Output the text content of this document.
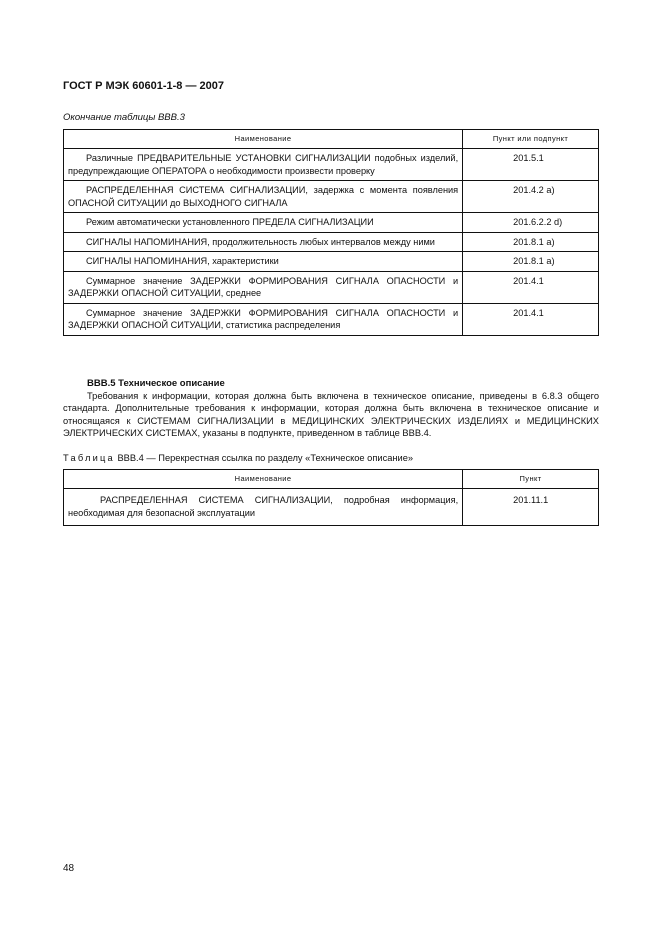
ГОСТ Р МЭК 60601-1-8 — 2007
Окончание таблицы ВВВ.3
Наименование	Пункт или подпункт
Различные ПРЕДВАРИТЕЛЬНЫЕ УСТАНОВКИ СИГНАЛИЗАЦИИ подобных изделий, предупреждающие ОПЕРАТОРА о необходимости произвести проверку	201.5.1
РАСПРЕДЕЛЕННАЯ СИСТЕМА СИГНАЛИЗАЦИИ, задержка с момента появления ОПАСНОЙ СИТУАЦИИ до ВЫХОДНОГО СИГНАЛА	201.4.2 а)
Режим автоматически установленного ПРЕДЕЛА СИГНАЛИЗАЦИИ	201.6.2.2 d)
СИГНАЛЫ НАПОМИНАНИЯ, продолжительность любых интервалов между ними	201.8.1 а)
СИГНАЛЫ НАПОМИНАНИЯ, характеристики	201.8.1 а)
Суммарное значение ЗАДЕРЖКИ ФОРМИРОВАНИЯ СИГНАЛА ОПАСНОСТИ и ЗАДЕРЖКИ ОПАСНОЙ СИТУАЦИИ, среднее	201.4.1
Суммарное значение ЗАДЕРЖКИ ФОРМИРОВАНИЯ СИГНАЛА ОПАСНОСТИ и ЗАДЕРЖКИ ОПАСНОЙ СИТУАЦИИ, статистика распределения	201.4.1
ВВВ.5 Техническое описание
Требования к информации, которая должна быть включена в техническое описание, приведены в 6.8.3 общего стандарта. Дополнительные требования к информации, которая должна быть включена в техническое описание и относящаяся к СИСТЕМАМ СИГНАЛИЗАЦИИ в МЕДИЦИНСКИХ ЭЛЕКТРИЧЕСКИХ ИЗДЕЛИЯХ и МЕДИЦИНСКИХ ЭЛЕКТРИЧЕСКИХ СИСТЕМАХ, указаны в подпункте, приведенном в таблице ВВВ.4.
Таблица ВВВ.4 — Перекрестная ссылка по разделу «Техническое описание»
Наименование	Пункт
РАСПРЕДЕЛЕННАЯ СИСТЕМА СИГНАЛИЗАЦИИ, подробная информация, необходимая для безопасной эксплуатации	201.11.1
48
